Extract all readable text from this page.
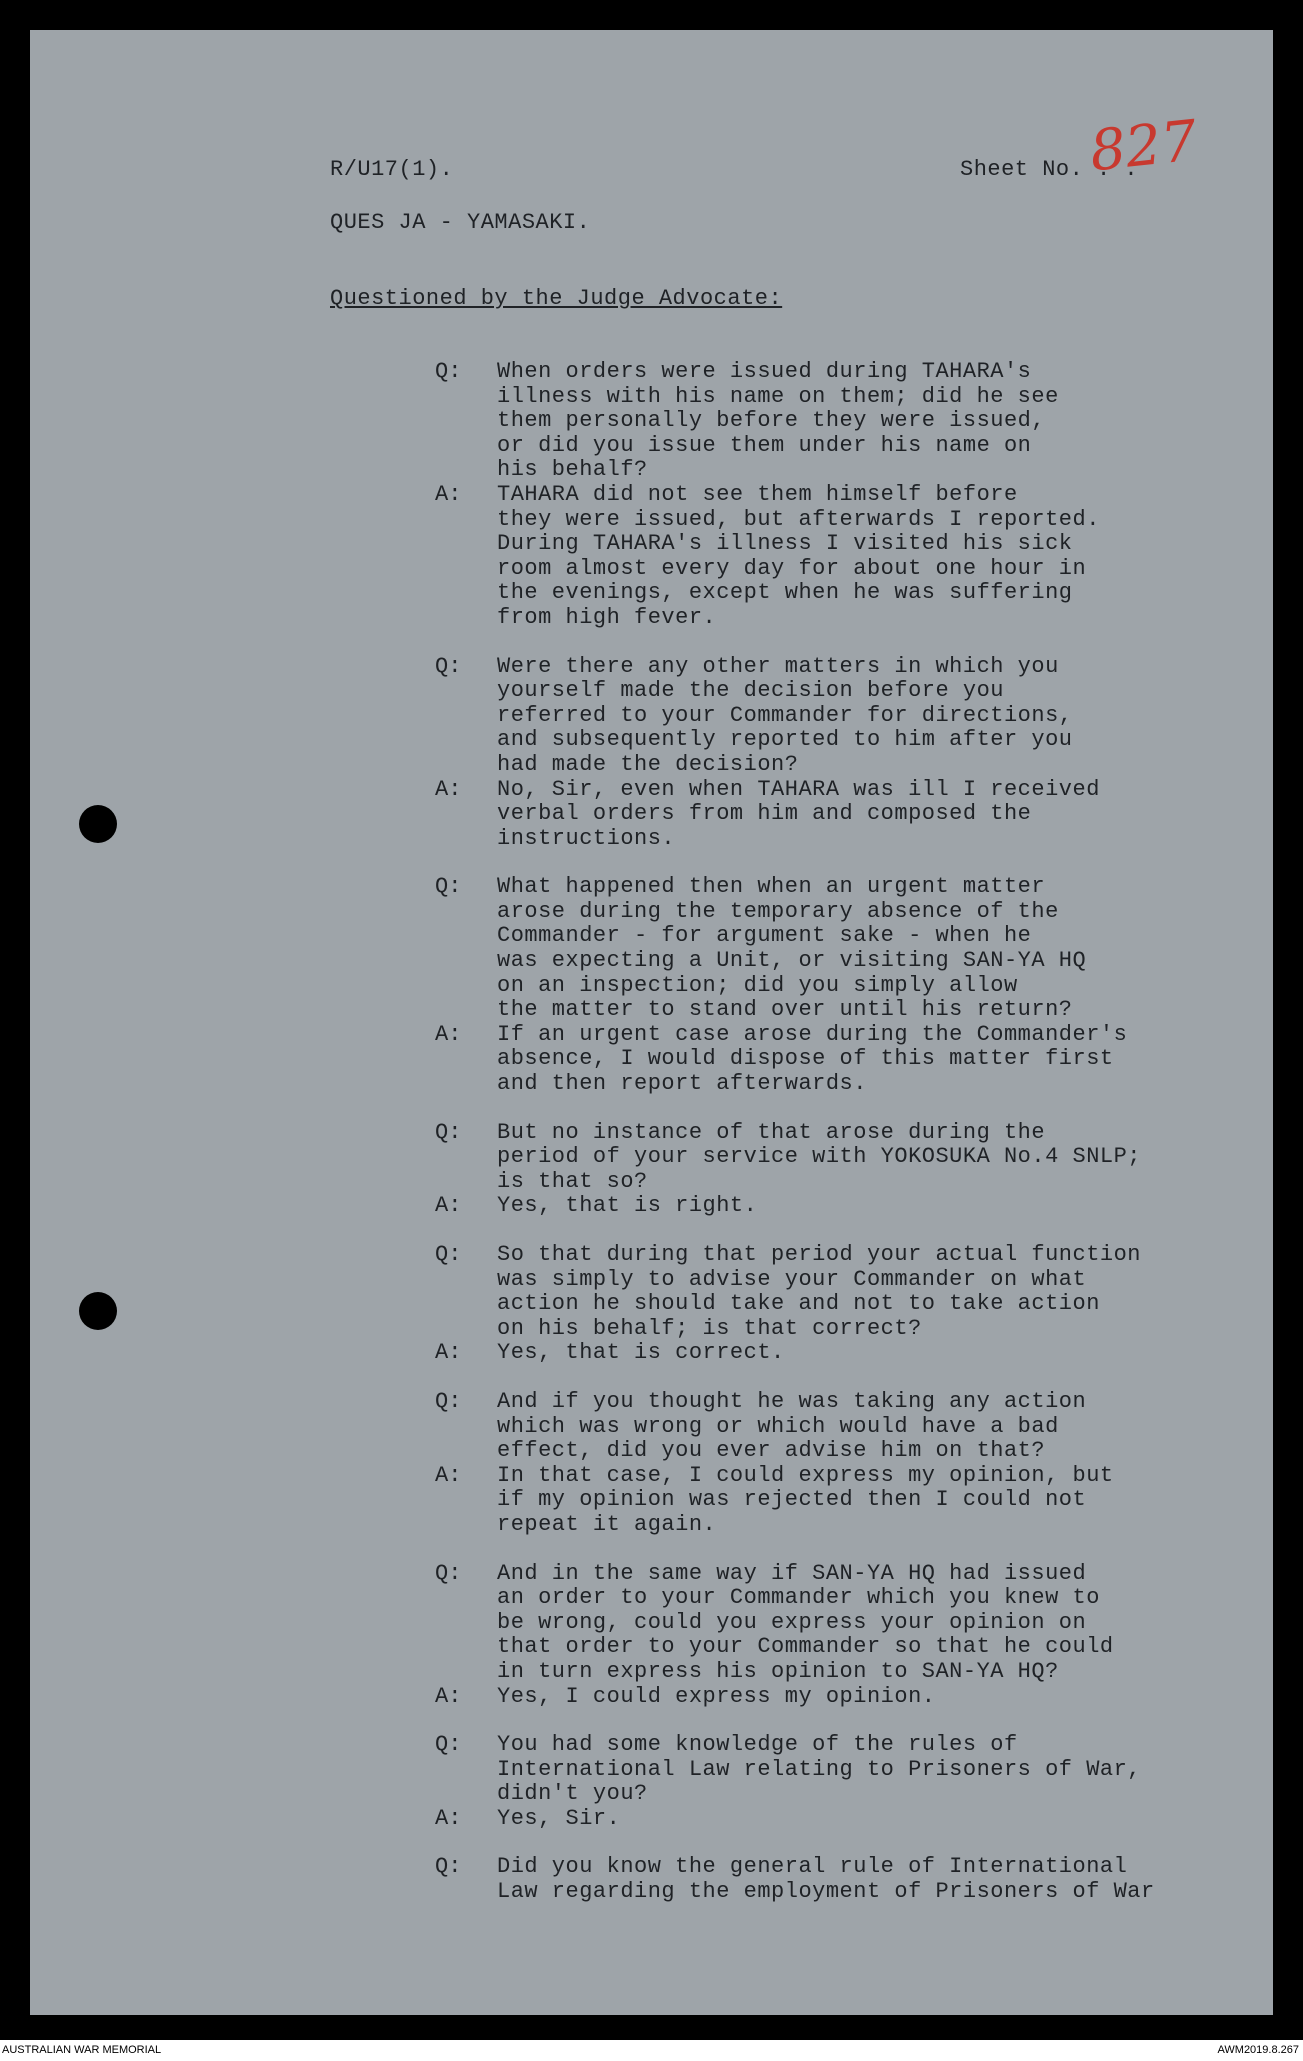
R/U17(1).	Sheet No. . .
827
QUES JA - YAMASAKI.
Questioned by the Judge Advocate:
Q:	When orders were issued during TAHARA's
illness with his name on them; did he see
them personally before they were issued,
or did you issue them under his name on
his behalf?
A:	TAHARA did not see them himself before
they were issued, but afterwards I reported.
During TAHARA's illness I visited his sick
room almost every day for about one hour in
the evenings, except when he was suffering
from high fever.
Q:	Were there any other matters in which you
yourself made the decision before you
referred to your Commander for directions,
and subsequently reported to him after you
had made the decision?
A:	No, Sir, even when TAHARA was ill I received
verbal orders from him and composed the
instructions.
Q:	What happened then when an urgent matter
arose during the temporary absence of the
Commander - for argument sake - when he
was expecting a Unit, or visiting SAN-YA HQ
on an inspection; did you simply allow
the matter to stand over until his return?
A:	If an urgent case arose during the Commander's
absence, I would dispose of this matter first
and then report afterwards.
Q:	But no instance of that arose during the
period of your service with YOKOSUKA No.4 SNLP;
is that so?
A:	Yes, that is right.
Q:	So that during that period your actual function
was simply to advise your Commander on what
action he should take and not to take action
on his behalf; is that correct?
A:	Yes, that is correct.
Q:	And if you thought he was taking any action
which was wrong or which would have a bad
effect, did you ever advise him on that?
A:	In that case, I could express my opinion, but
if my opinion was rejected then I could not
repeat it again.
Q:	And in the same way if SAN-YA HQ had issued
an order to your Commander which you knew to
be wrong, could you express your opinion on
that order to your Commander so that he could
in turn express his opinion to SAN-YA HQ?
A:	Yes, I could express my opinion.
Q:	You had some knowledge of the rules of
International Law relating to Prisoners of War,
didn't you?
A:	Yes, Sir.
Q:	Did you know the general rule of International
Law regarding the employment of Prisoners of War
AUSTRALIAN WAR MEMORIAL	AWM2019.8.267
